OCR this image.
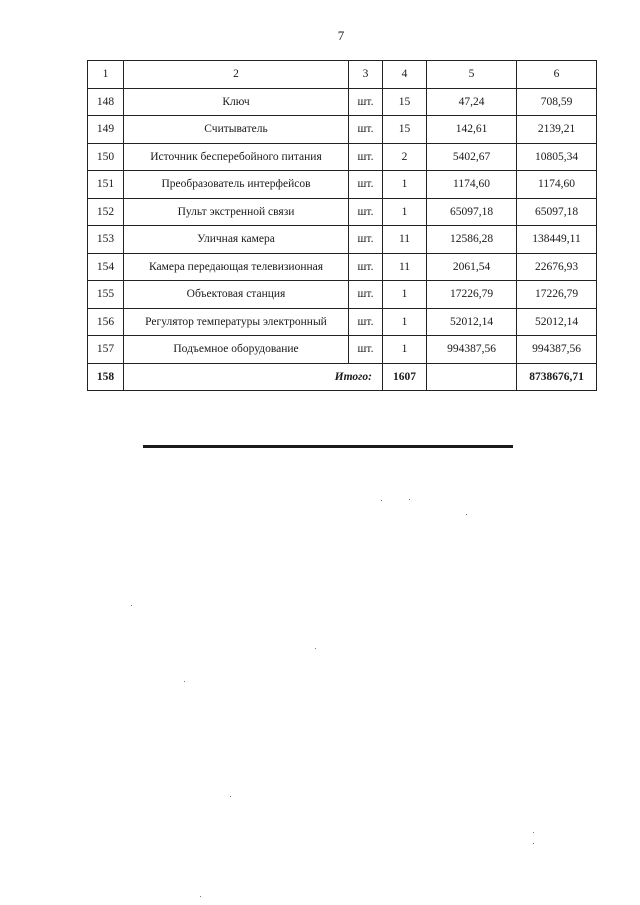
7
1	2	3	4	5	6
148	Ключ	шт.	15	47,24	708,59
149	Считыватель	шт.	15	142,61	2139,21
150	Источник бесперебойного питания	шт.	2	5402,67	10805,34
151	Преобразователь интерфейсов	шт.	1	1174,60	1174,60
152	Пульт экстренной связи	шт.	1	65097,18	65097,18
153	Уличная камера	шт.	11	12586,28	138449,11
154	Камера передающая телевизионная	шт.	11	2061,54	22676,93
155	Объектовая станция	шт.	1	17226,79	17226,79
156	Регулятор температуры электронный	шт.	1	52012,14	52012,14
157	Подъемное оборудование	шт.	1	994387,56	994387,56
158	Итого:		1607		8738676,71
